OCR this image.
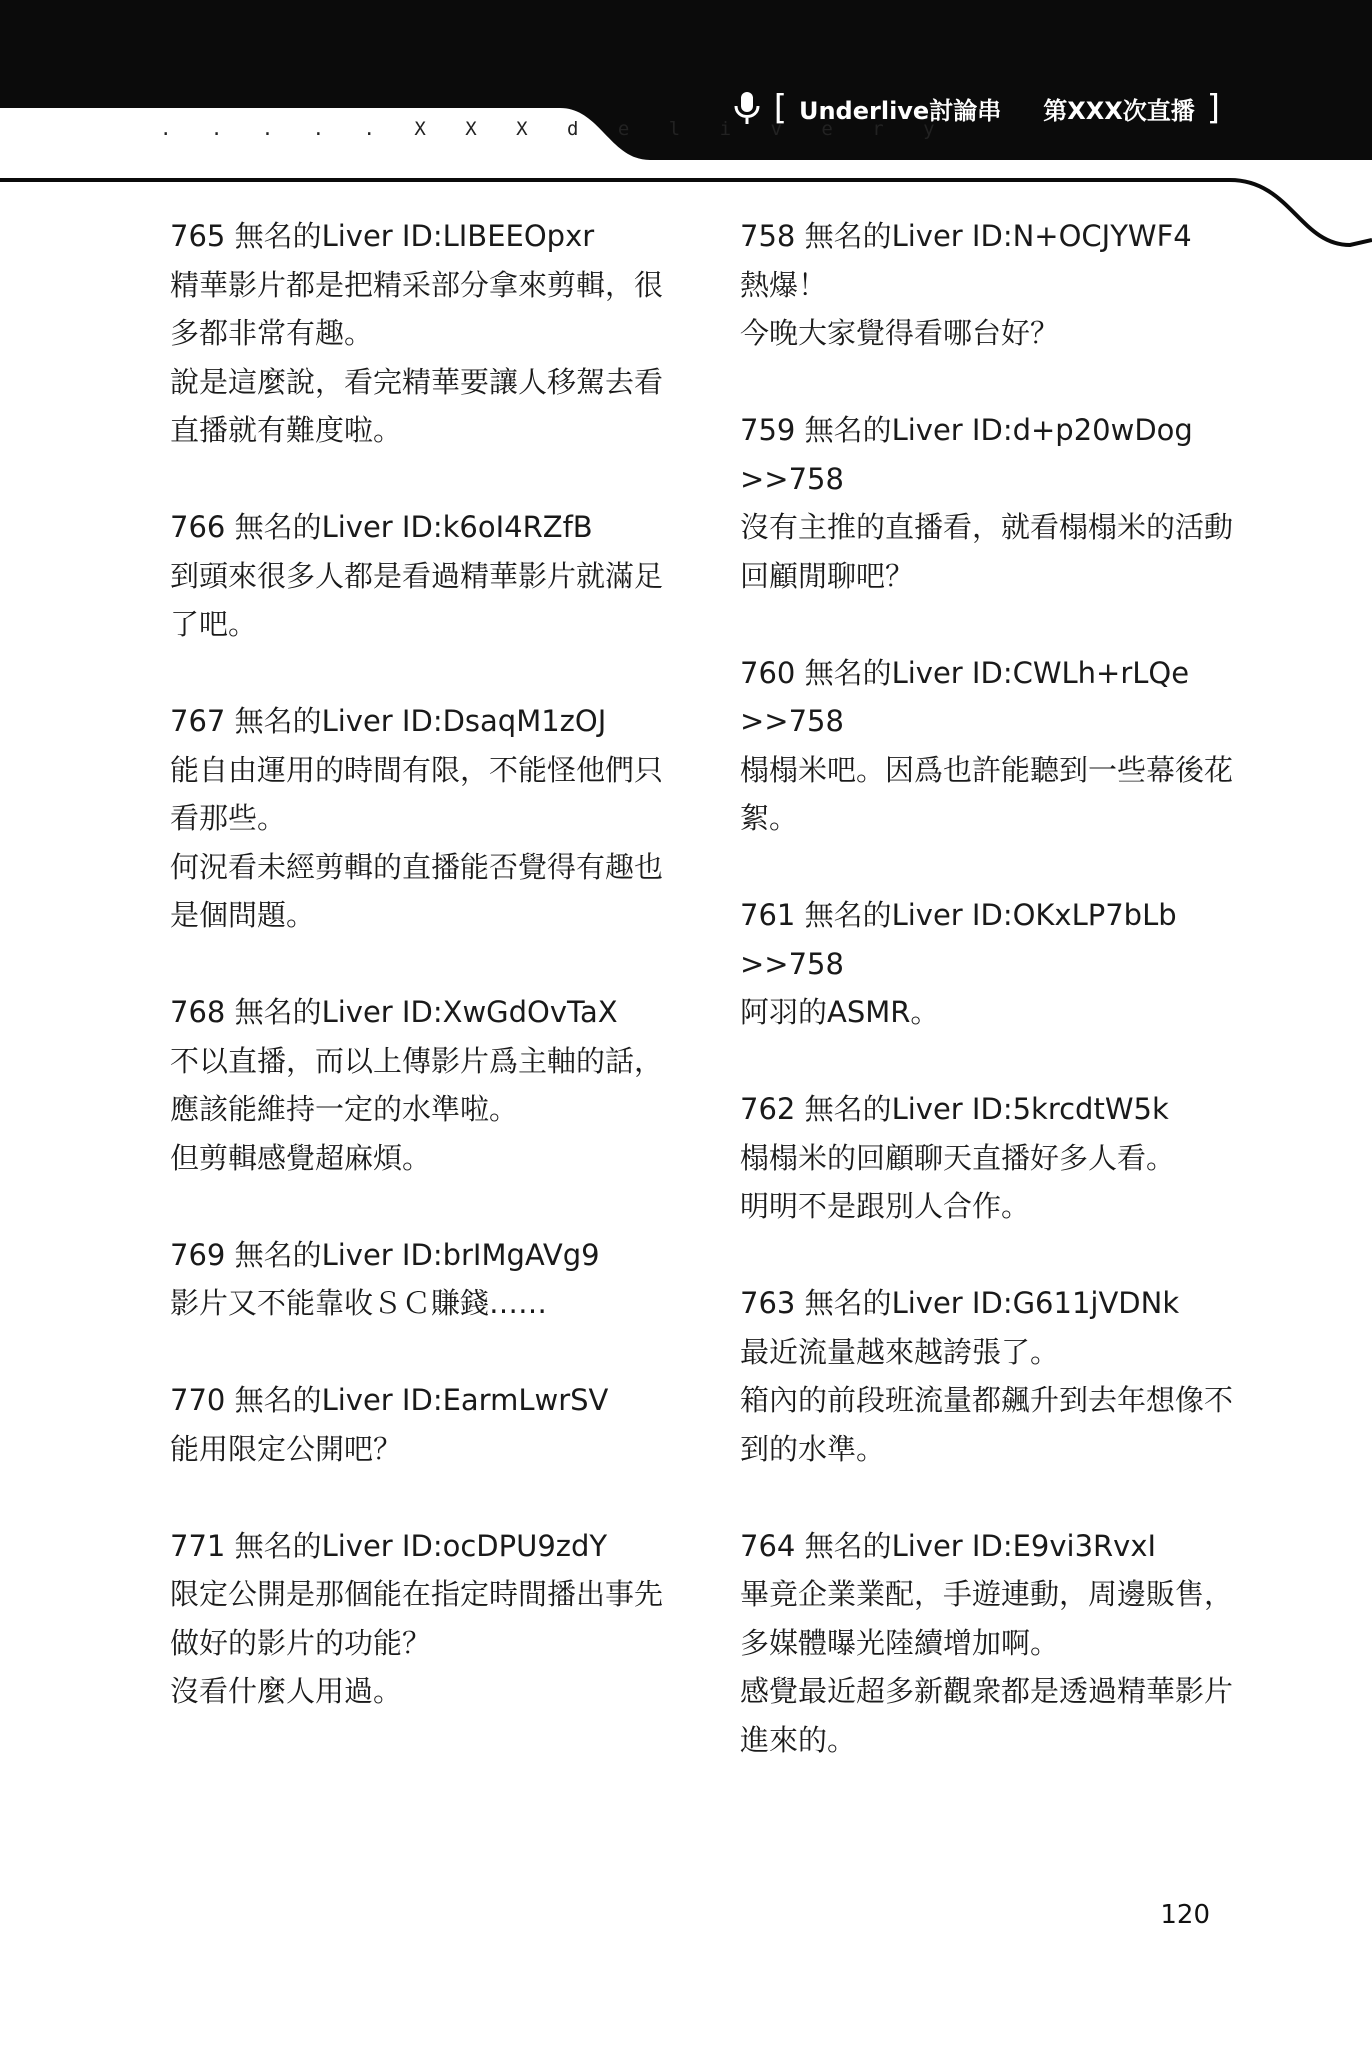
. . . . . X X X d e l i v e r y
[ Underlive討論串 第XXX次直播 ]

765 無名的Liver ID:LIBEEOpxr

精華影片都是把精采部分拿來剪輯，很多都非常有趣。

說是這麼說，看完精華要讓人移駕去看直播就有難度啦。

766 無名的Liver ID:k6oI4RZfB

到頭來很多人都是看過精華影片就滿足了吧。

767 無名的Liver ID:DsaqM1zOJ

能自由運用的時間有限，不能怪他們只看那些。

何況看未經剪輯的直播能否覺得有趣也是個問題。

768 無名的Liver ID:XwGdOvTaX

不以直播，而以上傳影片爲主軸的話，應該能維持一定的水準啦。

但剪輯感覺超麻煩。

769 無名的Liver ID:brIMgAVg9

影片又不能靠收ＳＣ賺錢……

770 無名的Liver ID:EarmLwrSV

能用限定公開吧？

771 無名的Liver ID:ocDPU9zdY

限定公開是那個能在指定時間播出事先做好的影片的功能？

沒看什麼人用過。

758 無名的Liver ID:N+OCJYWF4

熱爆！

今晚大家覺得看哪台好？

759 無名的Liver ID:d+p20wDog

>>758

沒有主推的直播看，就看榻榻米的活動回顧閒聊吧？

760 無名的Liver ID:CWLh+rLQe

>>758

榻榻米吧。因爲也許能聽到一些幕後花絮。

761 無名的Liver ID:OKxLP7bLb

>>758

阿羽的ASMR。

762 無名的Liver ID:5krcdtW5k

榻榻米的回顧聊天直播好多人看。

明明不是跟別人合作。

763 無名的Liver ID:G611jVDNk

最近流量越來越誇張了。

箱內的前段班流量都飆升到去年想像不到的水準。

764 無名的Liver ID:E9vi3RvxI

畢竟企業業配，手遊連動，周邊販售，多媒體曝光陸續增加啊。

感覺最近超多新觀衆都是透過精華影片進來的。

120
